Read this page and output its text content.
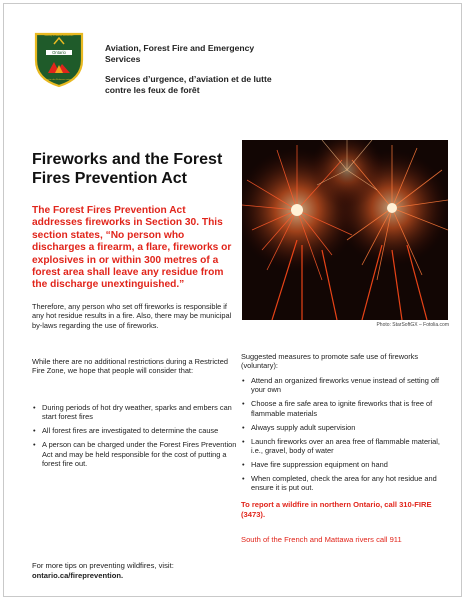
Ontario
Ministry of Natural Resources
Ministère des Richesses naturelles
Aviation, Forest Fire and Emergency Services
Services d’urgence, d’aviation et de lutte contre les feux de forêt
Fireworks and the Forest Fires Prevention Act
The Forest Fires Prevention Act addresses fireworks in Section 30. This section states, “No person who discharges a firearm, a flare, fireworks or explosives in or within 300 metres of a forest area shall leave any residue from the discharge unextinguished.”
Therefore, any person who set off fireworks is responsible if any hot residue results in a fire. Also, there may be municipal by-laws regarding the use of fireworks.
While there are no additional restrictions during a Restricted Fire Zone, we hope that people will consider that:
• During periods of hot dry weather, sparks and embers can start forest fires
• All forest fires are investigated to determine the cause
• A person can be charged under the Forest Fires Prevention Act and may be held responsible for the cost of putting a forest fire out.
Photo: StarSoftGX – Fotolia.com
Suggested measures to promote safe use of fireworks (voluntary):
• Attend an organized fireworks venue instead of setting off your own
• Choose a fire safe area to ignite fireworks that is free of flammable materials
• Always supply adult supervision
• Launch fireworks over an area free of flammable material, i.e., gravel, body of water
• Have fire suppression equipment on hand
• When completed, check the area for any hot residue and ensure it is put out.
To report a wildfire in northern Ontario, call 310-FIRE (3473).
South of the French and Mattawa rivers call 911
For more tips on preventing wildfires, visit:
ontario.ca/fireprevention.
